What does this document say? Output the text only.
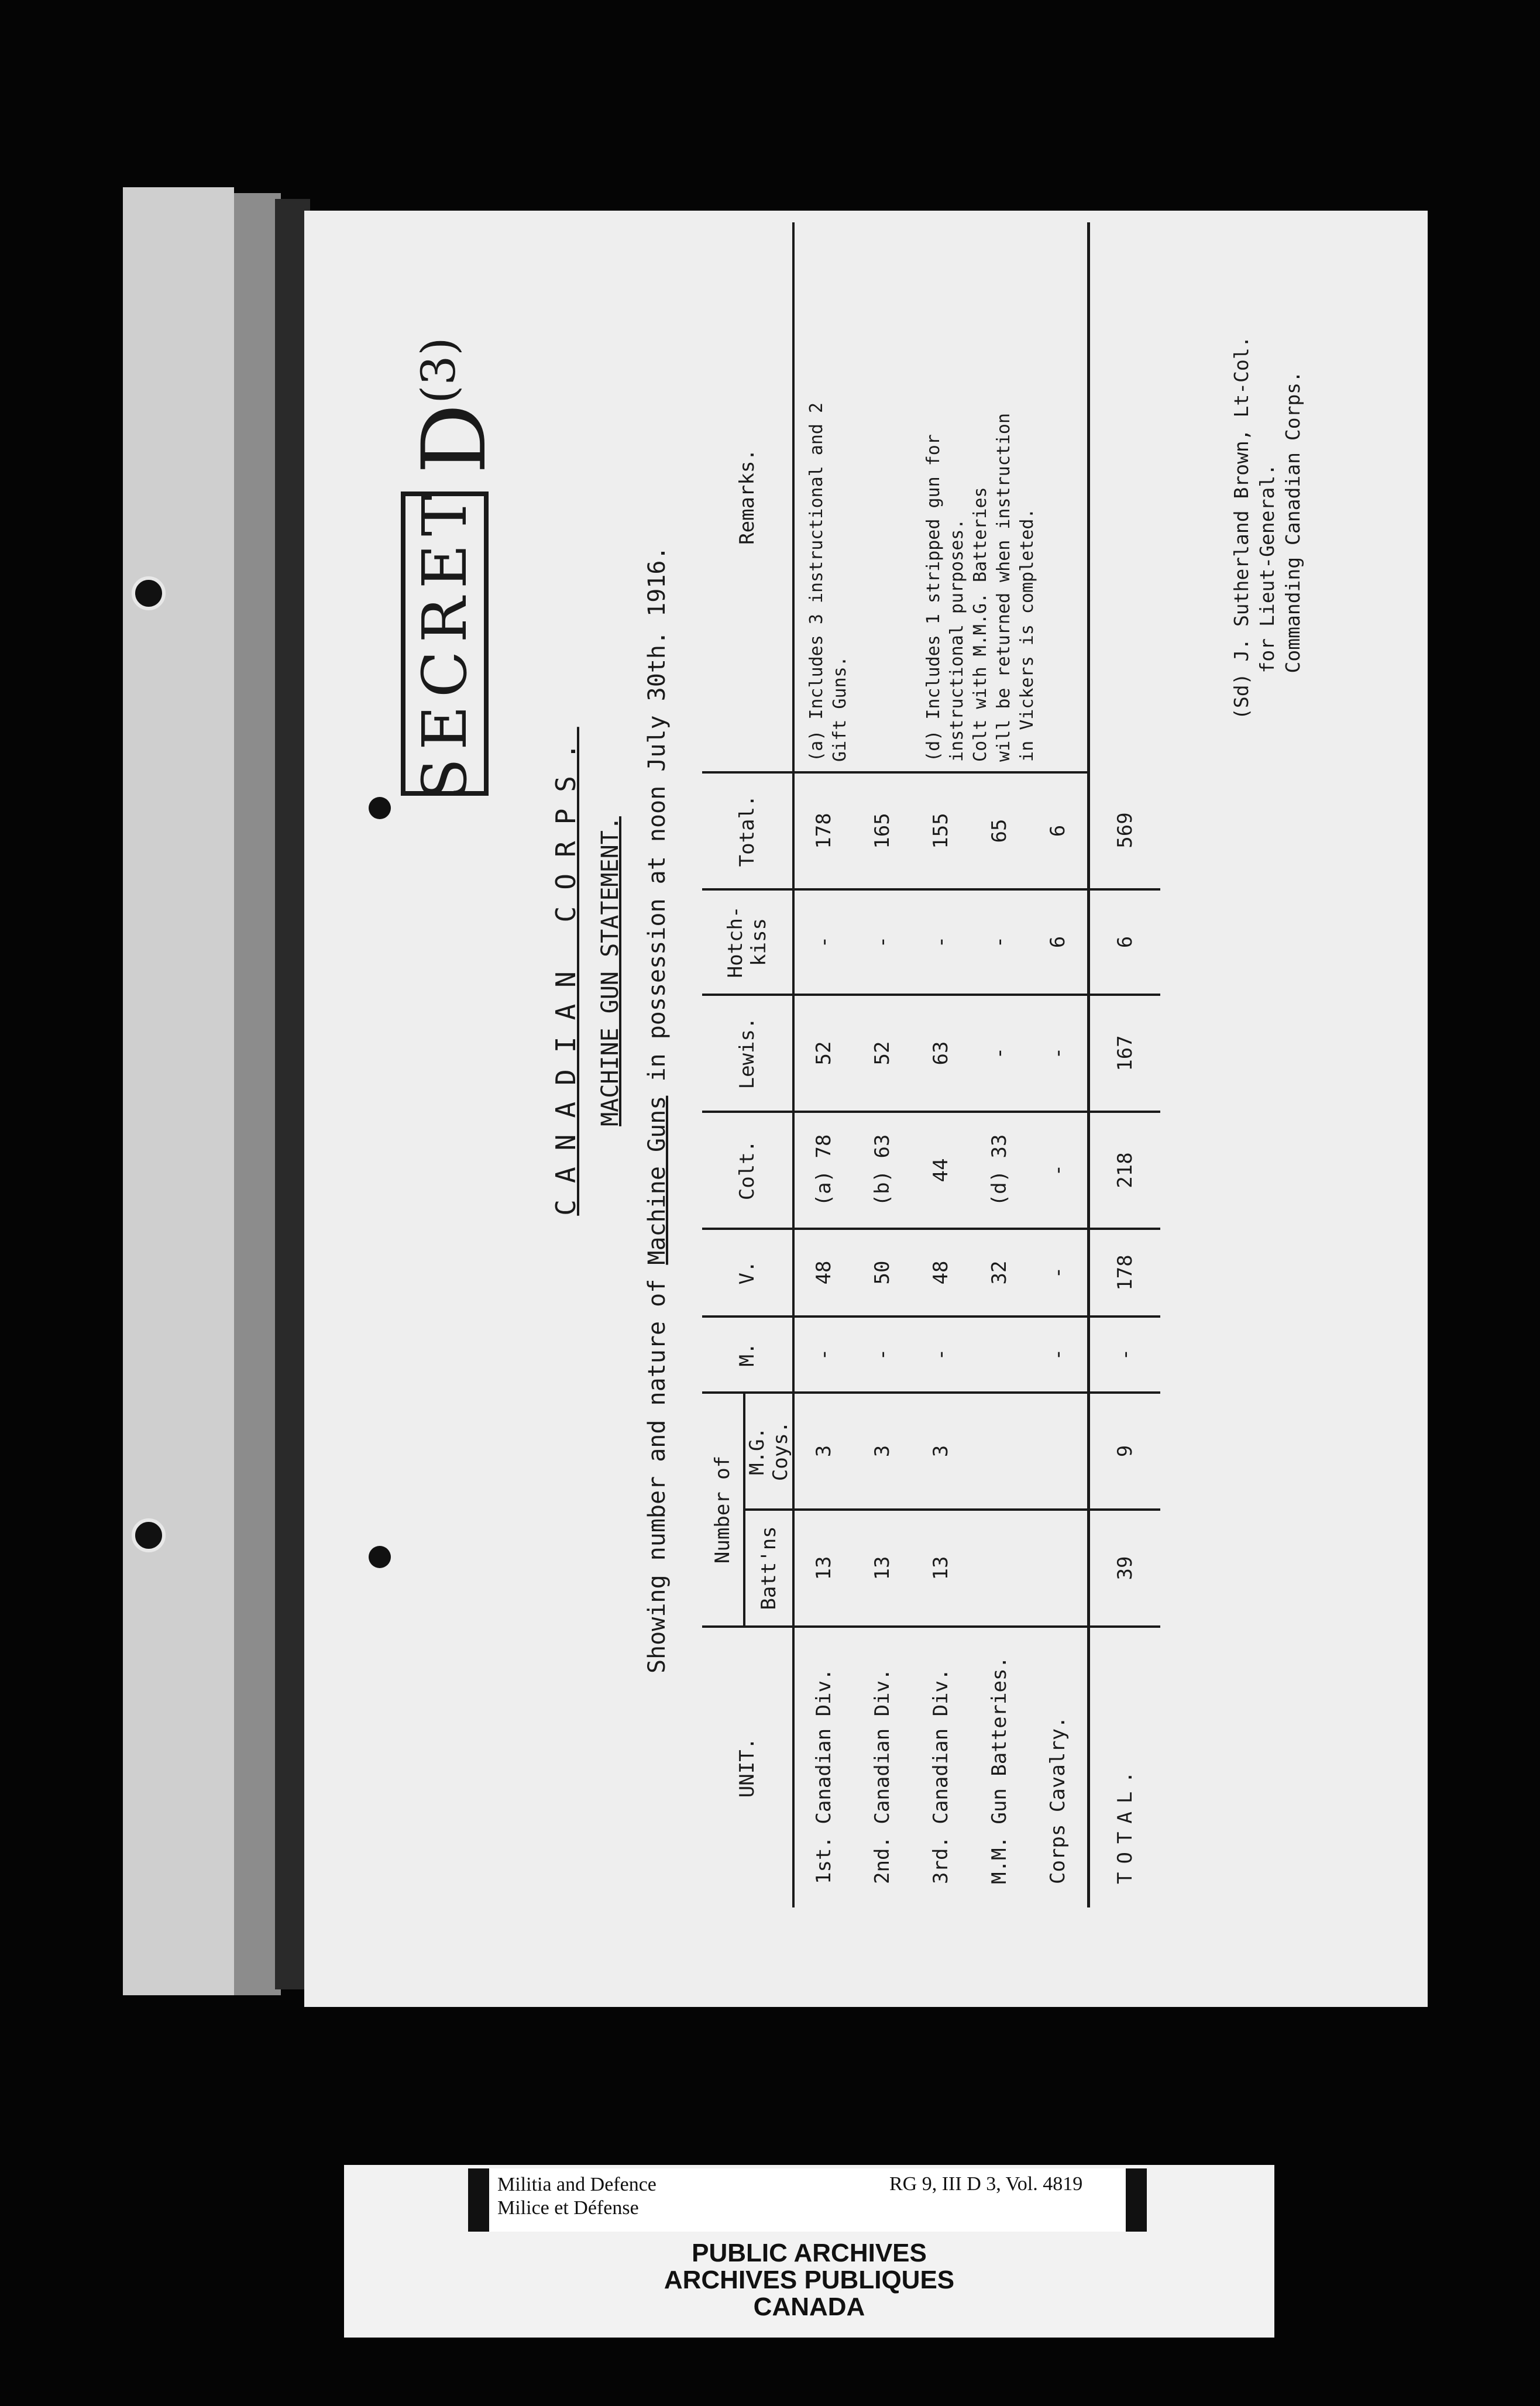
SECRET
$D^{(3)}$
CANADIAN CORPS. MACHINE GUN STATEMENT.
Showing number and nature of Machine Guns in possession at noon July 30th. 1916.
UNIT.	Number of		M.	V.	Colt.	Lewis.	Hotch-kiss	Total.	Remarks.
	Batt'ns	M.G. Coys.							
1st. Canadian Div.	13	3	-	48	(a) 78	52	-	178	(a) Includes 3 instructional and 2
Gift Guns.
2nd. Canadian Div.	13	3	-	50	(b) 63	52	-	165	
3rd. Canadian Div.	13	3	-	48	44	63	-	155	(d) Includes 1 stripped gun for
instructional purposes.
Colt with M.M.G. Batteries
will be returned when instruction
in Vickers is completed.
M.M. Gun Batteries.				32	(d) 33	-	-	65	
Corps Cavalry.			-	-	-	-	6	6	
TOTAL.	39	9	-	178	218	167	6	569	
(Sd) J. Sutherland Brown, Lt-Col. for Lieut-General. Commanding Canadian Corps.
Militia and Defence
Milice et Défense
RG 9, III D 3, Vol. 4819
PUBLIC ARCHIVES
ARCHIVES PUBLIQUES
CANADA
